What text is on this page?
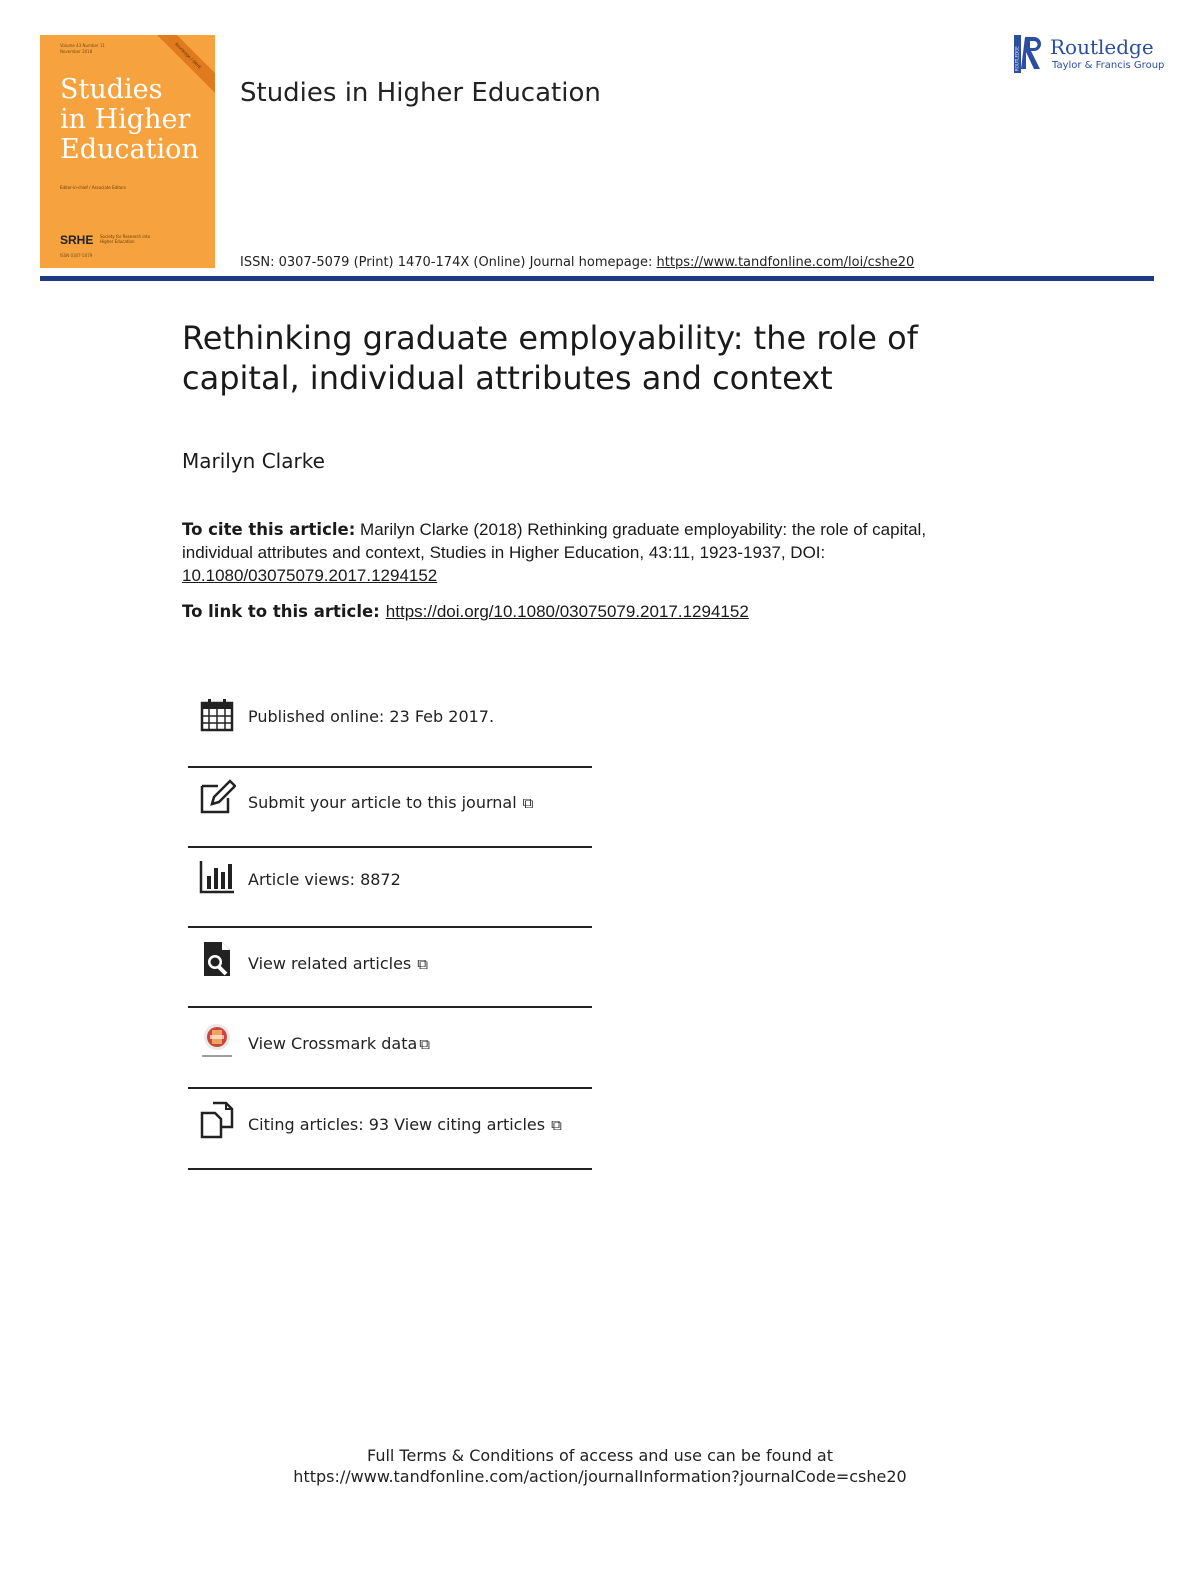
Volume 43 Number 11 November 2018	Routledge / SRHE
Studies
in Higher
Education
Editor-in-chief / Associate Editors
SRHE Society for Research into Higher Education
ISSN 0307-5079
Studies in Higher Education
ISSN: 0307-5079 (Print) 1470-174X (Online) Journal homepage: https://www.tandfonline.com/loi/cshe20
ROUTLEDGE Routledge
Taylor & Francis Group
Rethinking graduate employability: the role of capital, individual attributes and context
Marilyn Clarke
To cite this article: Marilyn Clarke (2018) Rethinking graduate employability: the role of capital, individual attributes and context, Studies in Higher Education, 43:11, 1923-1937, DOI: 10.1080/03075079.2017.1294152
To link to this article: https://doi.org/10.1080/03075079.2017.1294152
Published online: 23 Feb 2017.
Submit your article to this journal ⧉
Article views: 8872
View related articles ⧉
View Crossmark data ⧉
Citing articles: 93 View citing articles ⧉
Full Terms & Conditions of access and use can be found at
https://www.tandfonline.com/action/journalInformation?journalCode=cshe20
